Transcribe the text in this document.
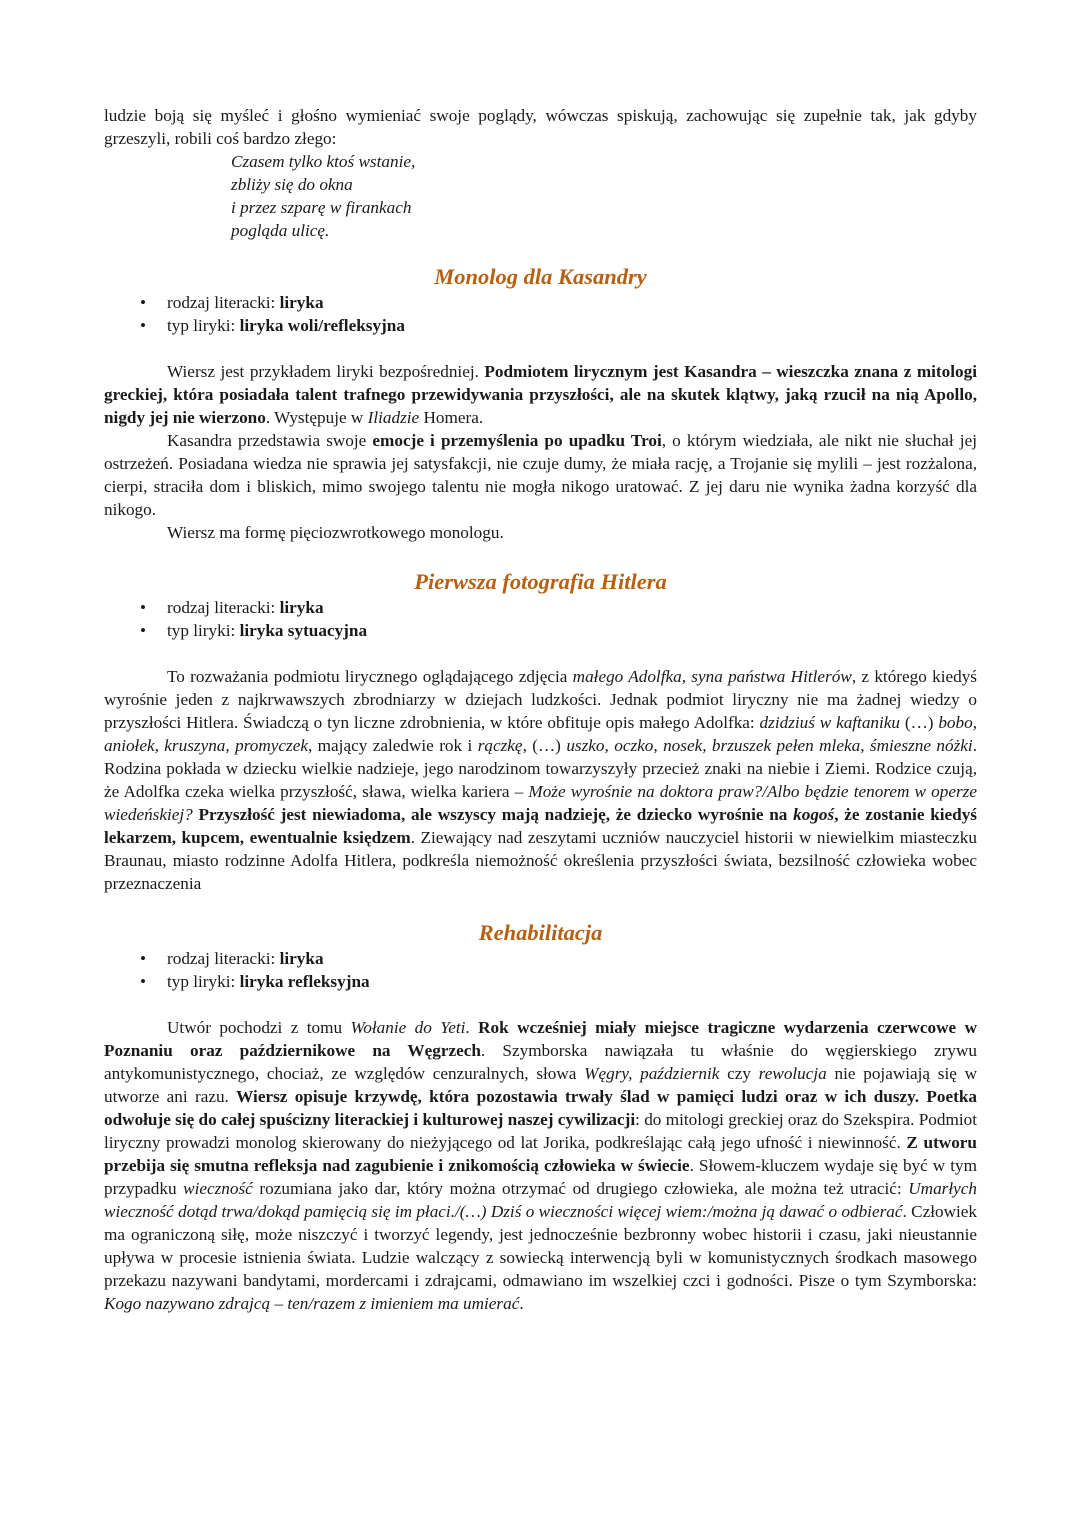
ludzie boją się myśleć i głośno wymieniać swoje poglądy, wówczas spiskują, zachowując się zupełnie tak, jak gdyby grzeszyli, robili coś bardzo złego:

Czasem tylko ktoś wstanie,
zbliży się do okna
i przez szparę w firankach
pogląda ulicę.
Monolog dla Kasandry
• rodzaj literacki: liryka
• typ liryki: liryka woli/refleksyjna

Wiersz jest przykładem liryki bezpośredniej. Podmiotem lirycznym jest Kasandra – wieszczka znana z mitologi greckiej, która posiadała talent trafnego przewidywania przyszłości, ale na skutek klątwy, jaką rzucił na nią Apollo, nigdy jej nie wierzono. Występuje w Iliadzie Homera.

Kasandra przedstawia swoje emocje i przemyślenia po upadku Troi, o którym wiedziała, ale nikt nie słuchał jej ostrzeżeń. Posiadana wiedza nie sprawia jej satysfakcji, nie czuje dumy, że miała rację, a Trojanie się mylili – jest rozżalona, cierpi, straciła dom i bliskich, mimo swojego talentu nie mogła nikogo uratować. Z jej daru nie wynika żadna korzyść dla nikogo.

Wiersz ma formę pięciozwrotkowego monologu.

Pierwsza fotografia Hitlera
• rodzaj literacki: liryka
• typ liryki: liryka sytuacyjna

To rozważania podmiotu lirycznego oglądającego zdjęcia małego Adolfka, syna państwa Hitlerów, z którego kiedyś wyrośnie jeden z najkrwawszych zbrodniarzy w dziejach ludzkości. Jednak podmiot liryczny nie ma żadnej wiedzy o przyszłości Hitlera. Świadczą o tyn liczne zdrobnienia, w które obfituje opis małego Adolfka: dzidziuś w kaftaniku (…) bobo, aniołek, kruszyna, promyczek, mający zaledwie rok i rączkę, (…) uszko, oczko, nosek, brzuszek pełen mleka, śmieszne nóżki. Rodzina pokłada w dziecku wielkie nadzieje, jego narodzinom towarzyszyły przecież znaki na niebie i Ziemi. Rodzice czują, że Adolfka czeka wielka przyszłość, sława, wielka kariera – Może wyrośnie na doktora praw?/Albo będzie tenorem w operze wiedeńskiej? Przyszłość jest niewiadoma, ale wszyscy mają nadzieję, że dziecko wyrośnie na kogoś, że zostanie kiedyś lekarzem, kupcem, ewentualnie księdzem. Ziewający nad zeszytami uczniów nauczyciel historii w niewielkim miasteczku Braunau, miasto rodzinne Adolfa Hitlera, podkreśla niemożność określenia przyszłości świata, bezsilność człowieka wobec przeznaczenia

Rehabilitacja
• rodzaj literacki: liryka
• typ liryki: liryka refleksyjna

Utwór pochodzi z tomu Wołanie do Yeti. Rok wcześniej miały miejsce tragiczne wydarzenia czerwcowe w Poznaniu oraz październikowe na Węgrzech. Szymborska nawiązała tu właśnie do węgierskiego zrywu antykomunistycznego, chociaż, ze względów cenzuralnych, słowa Węgry, październik czy rewolucja nie pojawiają się w utworze ani razu. Wiersz opisuje krzywdę, która pozostawia trwały ślad w pamięci ludzi oraz w ich duszy. Poetka odwołuje się do całej spuścizny literackiej i kulturowej naszej cywilizacji: do mitologi greckiej oraz do Szekspira. Podmiot liryczny prowadzi monolog skierowany do nieżyjącego od lat Jorika, podkreślając całą jego ufność i niewinność. Z utworu przebija się smutna refleksja nad zagubienie i znikomością człowieka w świecie. Słowem-kluczem wydaje się być w tym przypadku wieczność rozumiana jako dar, który można otrzymać od drugiego człowieka, ale można też utracić: Umarłych wieczność dotąd trwa/dokąd pamięcią się im płaci./(…) Dziś o wieczności więcej wiem:/można ją dawać o odbierać. Człowiek ma ograniczoną siłę, może niszczyć i tworzyć legendy, jest jednocześnie bezbronny wobec historii i czasu, jaki nieustannie upływa w procesie istnienia świata. Ludzie walczący z sowiecką interwencją byli w komunistycznych środkach masowego przekazu nazywani bandytami, mordercami i zdrajcami, odmawiano im wszelkiej czci i godności. Pisze o tym Szymborska: Kogo nazywano zdrajcą – ten/razem z imieniem ma umierać.
